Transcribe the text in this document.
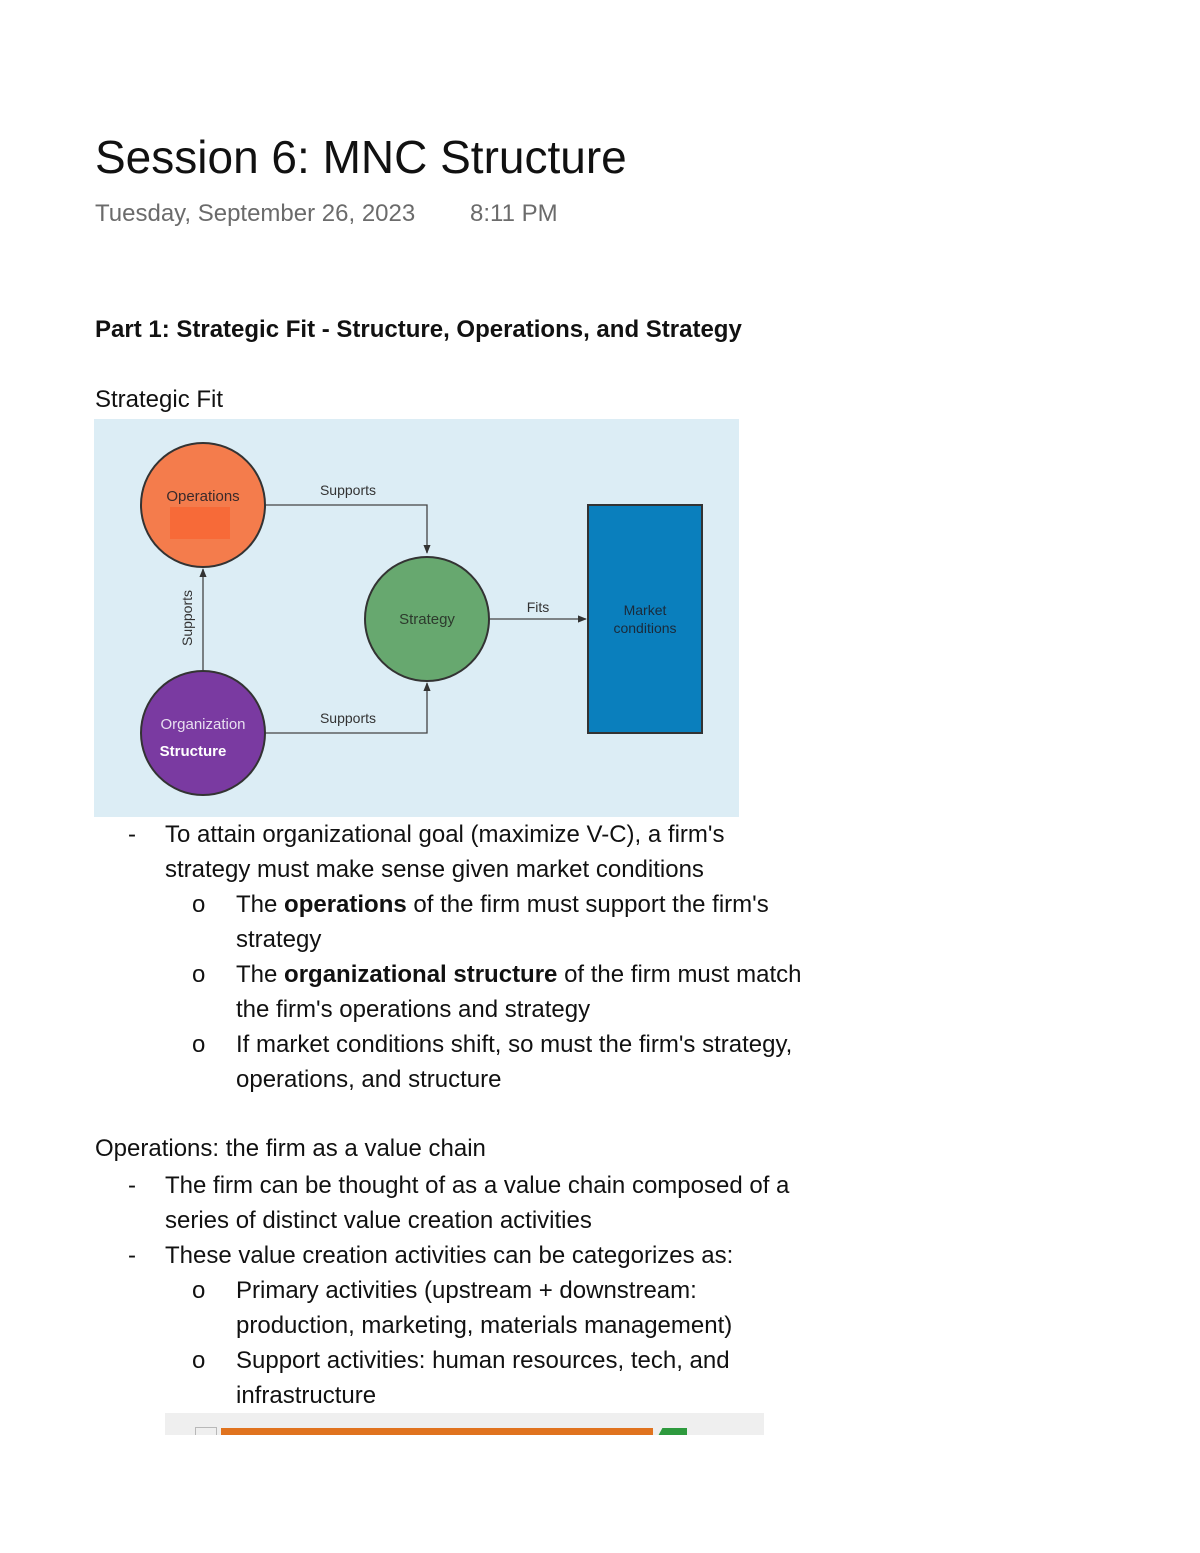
Session 6: MNC Structure
Tuesday, September 26, 2023 8:11 PM
Part 1: Strategic Fit - Structure, Operations, and Strategy
Strategic Fit
Operations
Strategy
Organization
Structure
Market
conditions
Supports
Supports
Fits
Supports
- To attain organizational goal (maximize V-C), a firm's strategy must make sense given market conditions
o The operations of the firm must support the firm's strategy
o The organizational structure of the firm must match the firm's operations and strategy
o If market conditions shift, so must the firm's strategy, operations, and structure
Operations: the firm as a value chain
- The firm can be thought of as a value chain composed of a series of distinct value creation activities
- These value creation activities can be categorizes as:
o Primary activities (upstream + downstream: production, marketing, materials management)
o Support activities: human resources, tech, and infrastructure
